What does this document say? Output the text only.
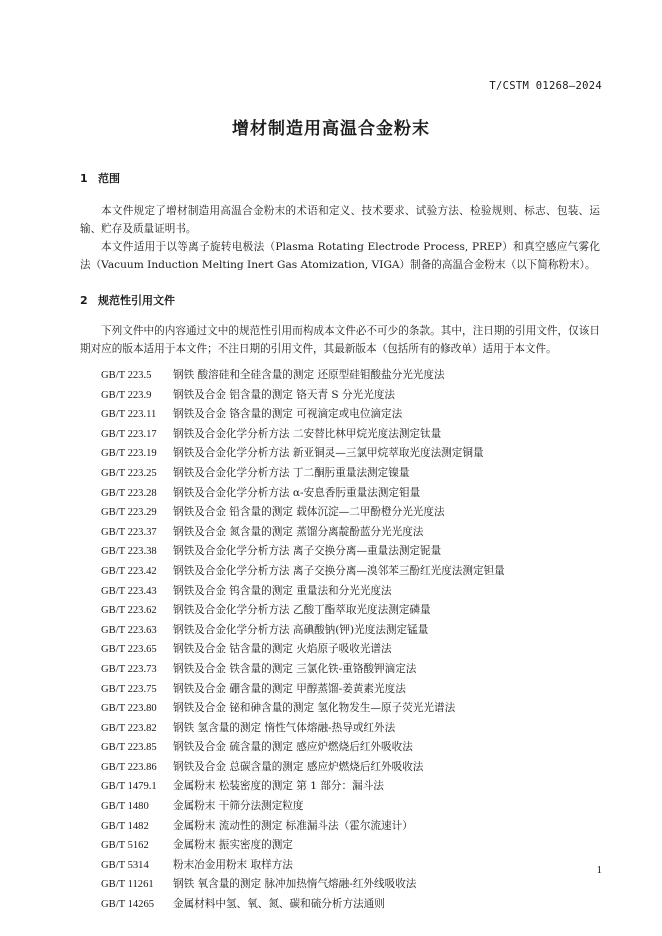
T/CSTM 01268—2024
增材制造用高温合金粉末
1 范围

本文件规定了增材制造用高温合金粉末的术语和定义、技术要求、试验方法、检验规则、标志、包装、运输、贮存及质量证明书。

本文件适用于以等离子旋转电极法（Plasma Rotating Electrode Process, PREP）和真空感应气雾化法（Vacuum Induction Melting Inert Gas Atomization, VIGA）制备的高温合金粉末（以下简称粉末）。

2 规范性引用文件

下列文件中的内容通过文中的规范性引用而构成本文件必不可少的条款。其中，注日期的引用文件，仅该日期对应的版本适用于本文件；不注日期的引用文件，其最新版本（包括所有的修改单）适用于本文件。

GB/T 223.5 钢铁 酸溶硅和全硅含量的测定 还原型硅钼酸盐分光光度法
GB/T 223.9 钢铁及合金 铝含量的测定 铬天青 S 分光光度法
GB/T 223.11 钢铁及合金 铬含量的测定 可视滴定或电位滴定法
GB/T 223.17 钢铁及合金化学分析方法 二安替比林甲烷光度法测定钛量
GB/T 223.19 钢铁及合金化学分析方法 新亚铜灵—三氯甲烷萃取光度法测定铜量
GB/T 223.25 钢铁及合金化学分析方法 丁二酮肟重量法测定镍量
GB/T 223.28 钢铁及合金化学分析方法 α-安息香肟重量法测定钼量
GB/T 223.29 钢铁及合金 铅含量的测定 载体沉淀—二甲酚橙分光光度法
GB/T 223.37 钢铁及合金 氮含量的测定 蒸馏分离靛酚蓝分光光度法
GB/T 223.38 钢铁及合金化学分析方法 离子交换分离—重量法测定铌量
GB/T 223.42 钢铁及合金化学分析方法 离子交换分离—溴邻苯三酚红光度法测定钽量
GB/T 223.43 钢铁及合金 钨含量的测定 重量法和分光光度法
GB/T 223.62 钢铁及合金化学分析方法 乙酸丁酯萃取光度法测定磷量
GB/T 223.63 钢铁及合金化学分析方法 高碘酸钠(钾)光度法测定锰量
GB/T 223.65 钢铁及合金 钴含量的测定 火焰原子吸收光谱法
GB/T 223.73 钢铁及合金 铁含量的测定 三氯化铁-重铬酸钾滴定法
GB/T 223.75 钢铁及合金 硼含量的测定 甲醇蒸馏-姜黄素光度法
GB/T 223.80 钢铁及合金 铋和砷含量的测定 氢化物发生—原子荧光光谱法
GB/T 223.82 钢铁 氢含量的测定 惰性气体熔融-热导或红外法
GB/T 223.85 钢铁及合金 硫含量的测定 感应炉燃烧后红外吸收法
GB/T 223.86 钢铁及合金 总碳含量的测定 感应炉燃烧后红外吸收法
GB/T 1479.1 金属粉末 松装密度的测定 第 1 部分：漏斗法
GB/T 1480 金属粉末 干筛分法测定粒度
GB/T 1482 金属粉末 流动性的测定 标准漏斗法（霍尔流速计）
GB/T 5162 金属粉末 振实密度的测定
GB/T 5314 粉末冶金用粉末 取样方法
GB/T 11261 钢铁 氧含量的测定 脉冲加热惰气熔融-红外线吸收法
GB/T 14265 金属材料中氢、氧、氮、碳和硫分析方法通则
1
